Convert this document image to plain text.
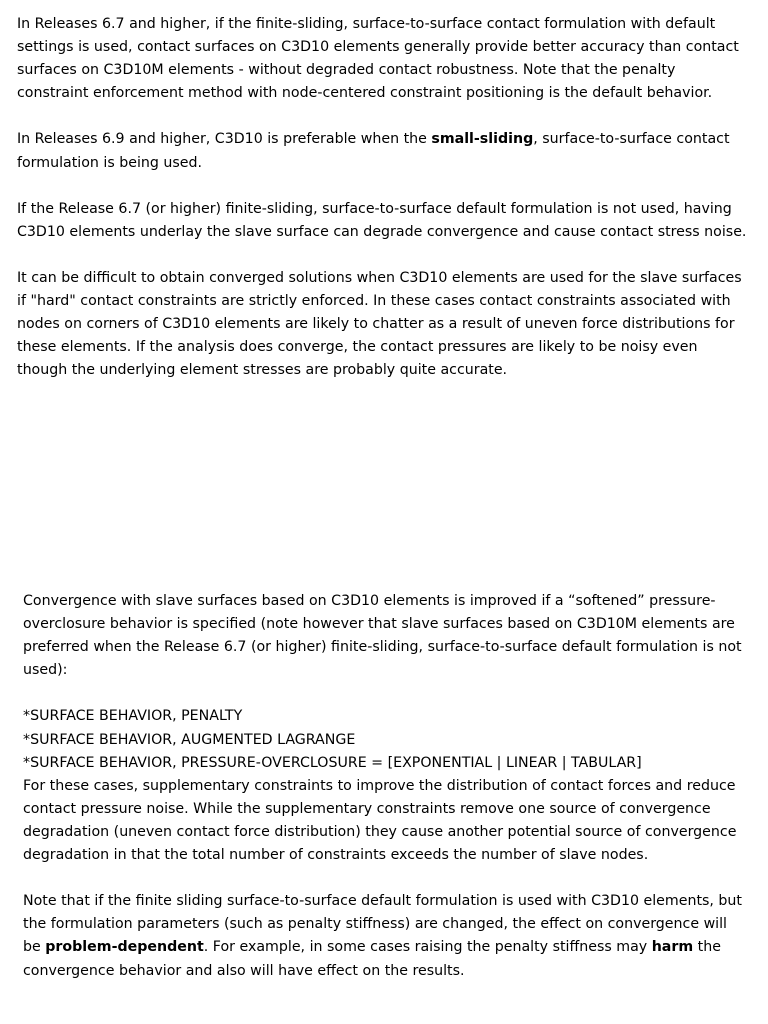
In Releases 6.7 and higher, if the finite-sliding, surface-to-surface contact formulation with default settings is used, contact surfaces on C3D10 elements generally provide better accuracy than contact surfaces on C3D10M elements - without degraded contact robustness. Note that the penalty constraint enforcement method with node-centered constraint positioning is the default behavior.

In Releases 6.9 and higher, C3D10 is preferable when the small-sliding, surface-to-surface contact formulation is being used.

If the Release 6.7 (or higher) finite-sliding, surface-to-surface default formulation is not used, having C3D10 elements underlay the slave surface can degrade convergence and cause contact stress noise.

It can be difficult to obtain converged solutions when C3D10 elements are used for the slave surfaces if "hard" contact constraints are strictly enforced. In these cases contact constraints associated with nodes on corners of C3D10 elements are likely to chatter as a result of uneven force distributions for these elements. If the analysis does converge, the contact pressures are likely to be noisy even though the underlying element stresses are probably quite accurate.

Convergence with slave surfaces based on C3D10 elements is improved if a “softened” pressure-overclosure behavior is specified (note however that slave surfaces based on C3D10M elements are preferred when the Release 6.7 (or higher) finite-sliding, surface-to-surface default formulation is not used):

*SURFACE BEHAVIOR, PENALTY

*SURFACE BEHAVIOR, AUGMENTED LAGRANGE

*SURFACE BEHAVIOR, PRESSURE-OVERCLOSURE = [EXPONENTIAL | LINEAR | TABULAR]

For these cases, supplementary constraints to improve the distribution of contact forces and reduce contact pressure noise. While the supplementary constraints remove one source of convergence degradation (uneven contact force distribution) they cause another potential source of convergence degradation in that the total number of constraints exceeds the number of slave nodes.

Note that if the finite sliding surface-to-surface default formulation is used with C3D10 elements, but the formulation parameters (such as penalty stiffness) are changed, the effect on convergence will be problem-dependent. For example, in some cases raising the penalty stiffness may harm the convergence behavior and also will have effect on the results.
